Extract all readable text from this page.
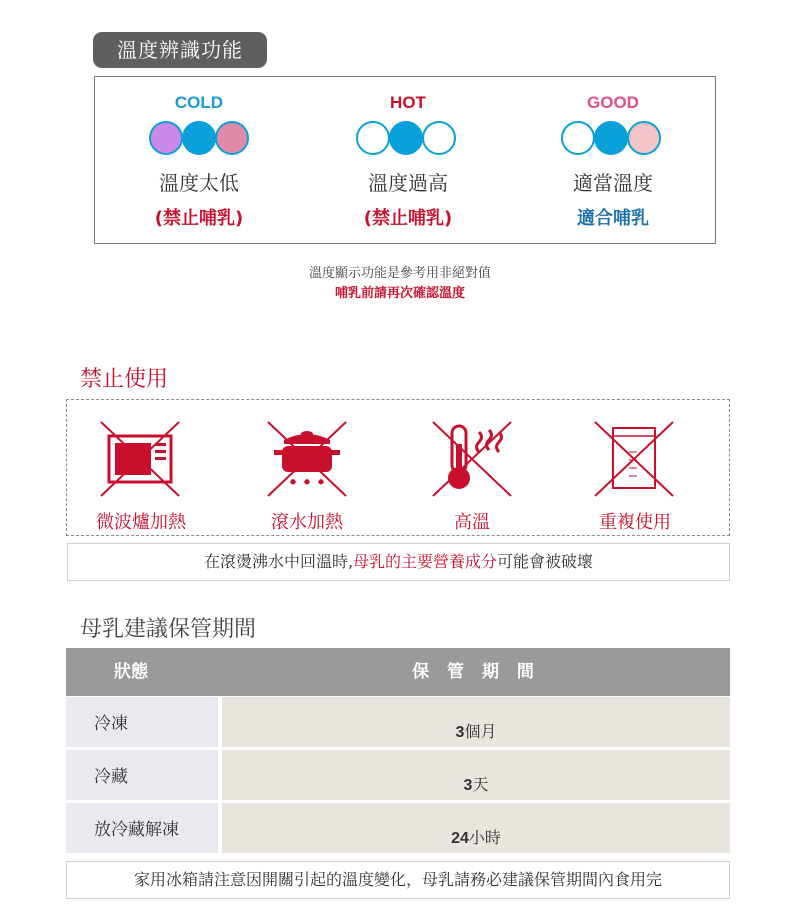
溫度辨識功能
COLD
溫度太低
(禁止哺乳)
HOT
溫度過高
(禁止哺乳)
GOOD
適當溫度
適合哺乳
溫度顯示功能是參考用非絕對值
哺乳前請再次確認溫度
禁止使用
微波爐加熱	滾水加熱	高溫	重複使用
在滾燙沸水中回溫時,母乳的主要營養成分可能會被破壞
母乳建議保管期間
狀態	保 管 期 間
冷凍	3個月
冷藏	3天
放冷藏解凍	24小時
家用冰箱請注意因開關引起的溫度變化，母乳請務必建議保管期間內食用完
